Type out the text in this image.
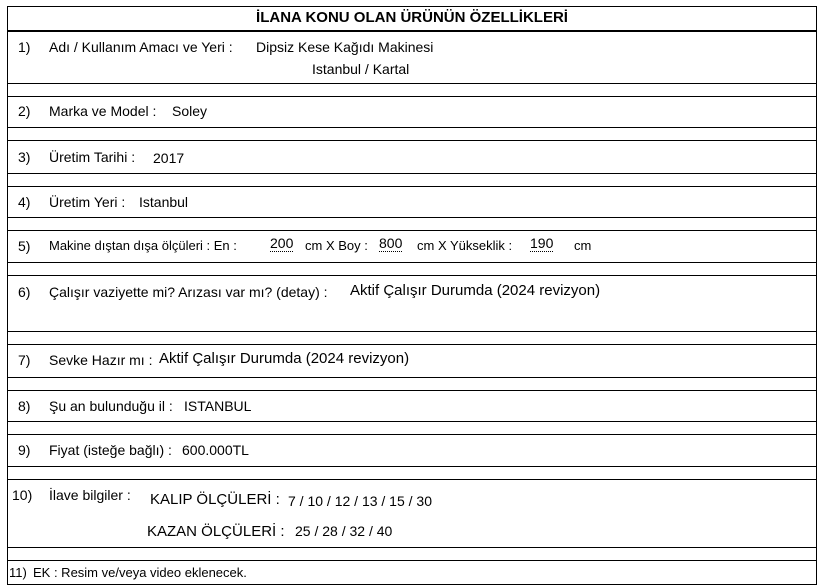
İLANA KONU OLAN ÜRÜNÜN ÖZELLİKLERİ
1) Adı / Kullanım Amacı ve Yeri : Dipsiz Kese Kağıdı Makinesi
Istanbul / Kartal
2) Marka ve Model : Soley
3) Üretim Tarihi : 2017
4) Üretim Yeri : Istanbul
5) Makine dıştan dışa ölçüleri : En : 200 cm X Boy : 800 cm X Yükseklik : 190 cm
6) Çalışır vaziyette mi? Arızası var mı? (detay) : Aktif Çalışır Durumda (2024 revizyon)
7) Sevke Hazır mı : Aktif Çalışır Durumda (2024 revizyon)
8) Şu an bulunduğu il : ISTANBUL
9) Fiyat (isteğe bağlı) : 600.000TL
10) İlave bilgiler : KALIP ÖLÇÜLERİ : 7 / 10 / 12 / 13 / 15 / 30
KAZAN ÖLÇÜLERİ : 25 / 28 / 32 / 40
11) EK : Resim ve/veya video eklenecek.
